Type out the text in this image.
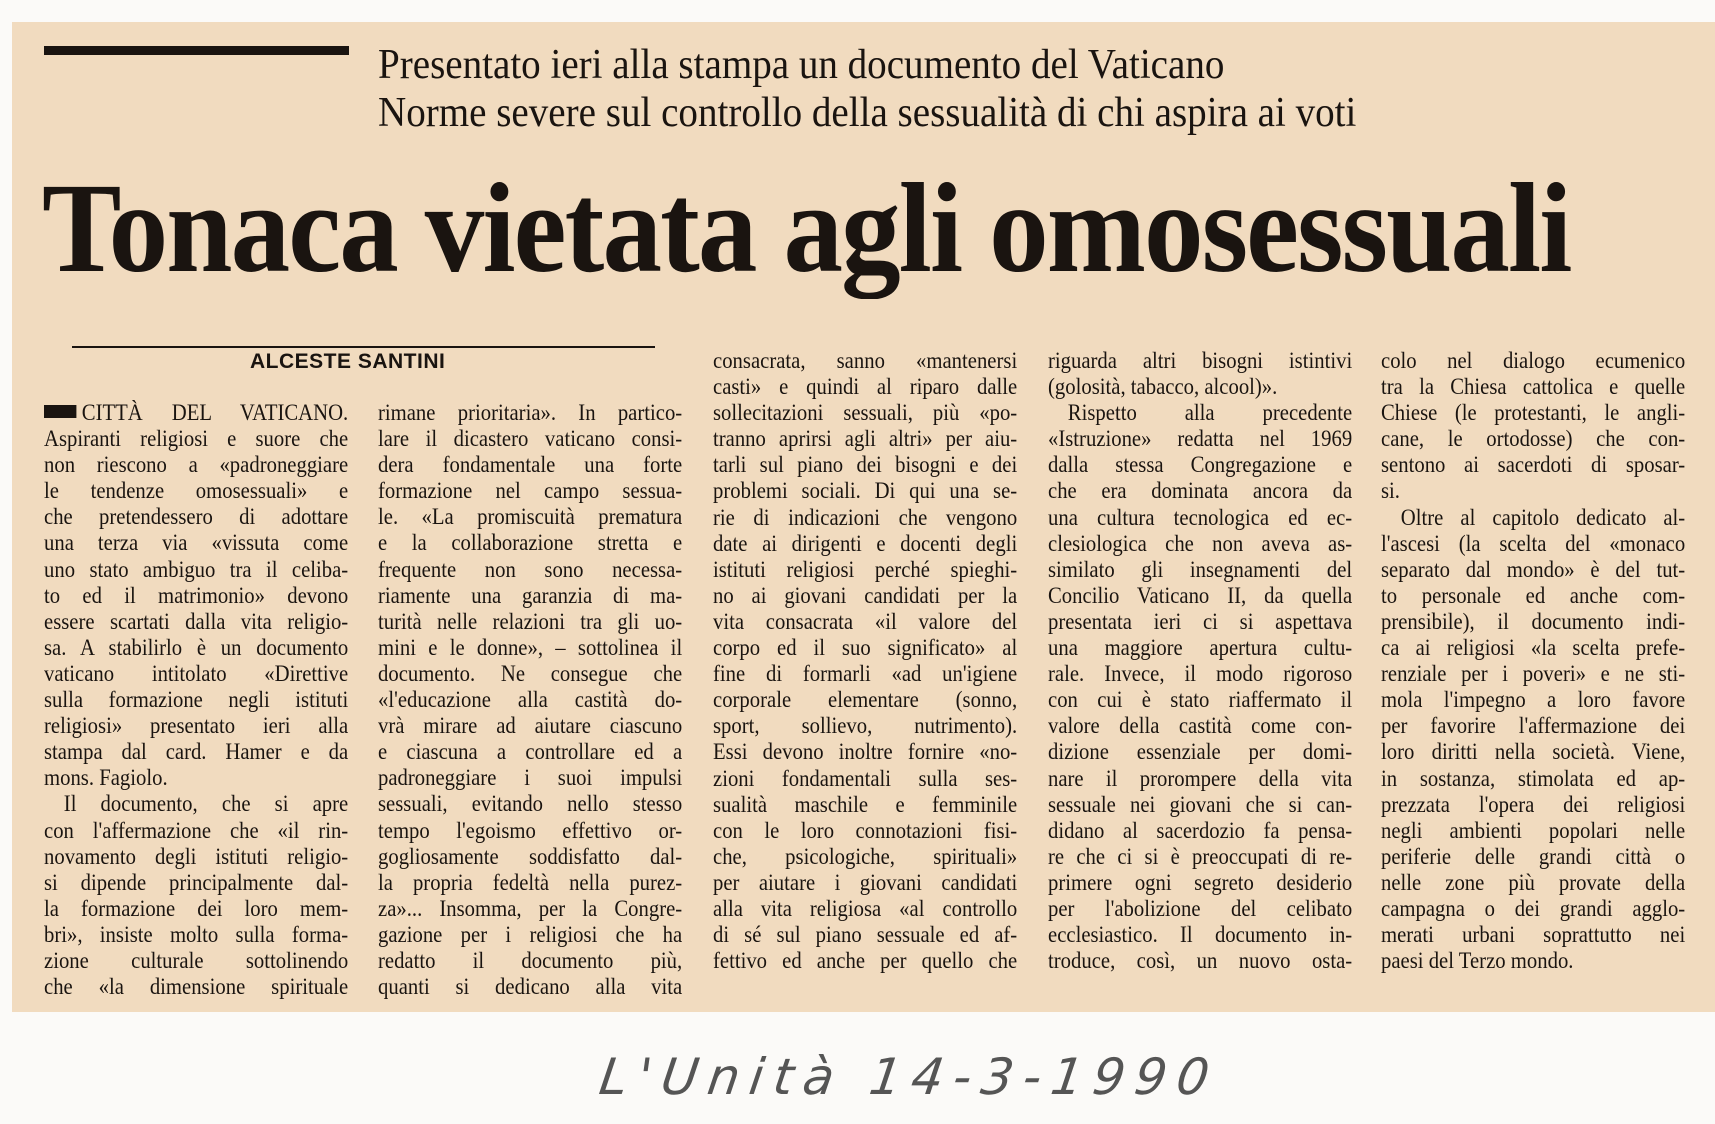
Presentato ieri alla stampa un documento del Vaticano
Norme severe sul controllo della sessualità di chi aspira ai voti
Tonaca vietata agli omosessuali
ALCESTE SANTINI
CITTÀ DEL VATICANO.
Aspiranti religiosi e suore che
non riescono a «padroneggiare
le tendenze omosessuali» e
che pretendessero di adottare
una terza via «vissuta come
uno stato ambiguo tra il celiba-
to ed il matrimonio» devono
essere scartati dalla vita religio-
sa. A stabilirlo è un documento
vaticano intitolato «Direttive
sulla formazione negli istituti
religiosi» presentato ieri alla
stampa dal card. Hamer e da
mons. Fagiolo.
Il documento, che si apre
con l'affermazione che «il rin-
novamento degli istituti religio-
si dipende principalmente dal-
la formazione dei loro mem-
bri», insiste molto sulla forma-
zione culturale sottolinendo
che «la dimensione spirituale
rimane prioritaria». In partico-
lare il dicastero vaticano consi-
dera fondamentale una forte
formazione nel campo sessua-
le. «La promiscuità prematura
e la collaborazione stretta e
frequente non sono necessa-
riamente una garanzia di ma-
turità nelle relazioni tra gli uo-
mini e le donne», – sottolinea il
documento. Ne consegue che
«l'educazione alla castità do-
vrà mirare ad aiutare ciascuno
e ciascuna a controllare ed a
padroneggiare i suoi impulsi
sessuali, evitando nello stesso
tempo l'egoismo effettivo or-
gogliosamente soddisfatto dal-
la propria fedeltà nella purez-
za»... Insomma, per la Congre-
gazione per i religiosi che ha
redatto il documento più,
quanti si dedicano alla vita
consacrata, sanno «mantenersi
casti» e quindi al riparo dalle
sollecitazioni sessuali, più «po-
tranno aprirsi agli altri» per aiu-
tarli sul piano dei bisogni e dei
problemi sociali. Di qui una se-
rie di indicazioni che vengono
date ai dirigenti e docenti degli
istituti religiosi perché spieghi-
no ai giovani candidati per la
vita consacrata «il valore del
corpo ed il suo significato» al
fine di formarli «ad un'igiene
corporale elementare (sonno,
sport, sollievo, nutrimento).
Essi devono inoltre fornire «no-
zioni fondamentali sulla ses-
sualità maschile e femminile
con le loro connotazioni fisi-
che, psicologiche, spirituali»
per aiutare i giovani candidati
alla vita religiosa «al controllo
di sé sul piano sessuale ed af-
fettivo ed anche per quello che
riguarda altri bisogni istintivi
(golosità, tabacco, alcool)».
Rispetto alla precedente
«Istruzione» redatta nel 1969
dalla stessa Congregazione e
che era dominata ancora da
una cultura tecnologica ed ec-
clesiologica che non aveva as-
similato gli insegnamenti del
Concilio Vaticano II, da quella
presentata ieri ci si aspettava
una maggiore apertura cultu-
rale. Invece, il modo rigoroso
con cui è stato riaffermato il
valore della castità come con-
dizione essenziale per domi-
nare il prorompere della vita
sessuale nei giovani che si can-
didano al sacerdozio fa pensa-
re che ci si è preoccupati di re-
primere ogni segreto desiderio
per l'abolizione del celibato
ecclesiastico. Il documento in-
troduce, così, un nuovo osta-
colo nel dialogo ecumenico
tra la Chiesa cattolica e quelle
Chiese (le protestanti, le angli-
cane, le ortodosse) che con-
sentono ai sacerdoti di sposar-
si.
Oltre al capitolo dedicato al-
l'ascesi (la scelta del «monaco
separato dal mondo» è del tut-
to personale ed anche com-
prensibile), il documento indi-
ca ai religiosi «la scelta prefe-
renziale per i poveri» e ne sti-
mola l'impegno a loro favore
per favorire l'affermazione dei
loro diritti nella società. Viene,
in sostanza, stimolata ed ap-
prezzata l'opera dei religiosi
negli ambienti popolari nelle
periferie delle grandi città o
nelle zone più provate della
campagna o dei grandi agglo-
merati urbani soprattutto nei
paesi del Terzo mondo.
L'Unità 14-3-1990
